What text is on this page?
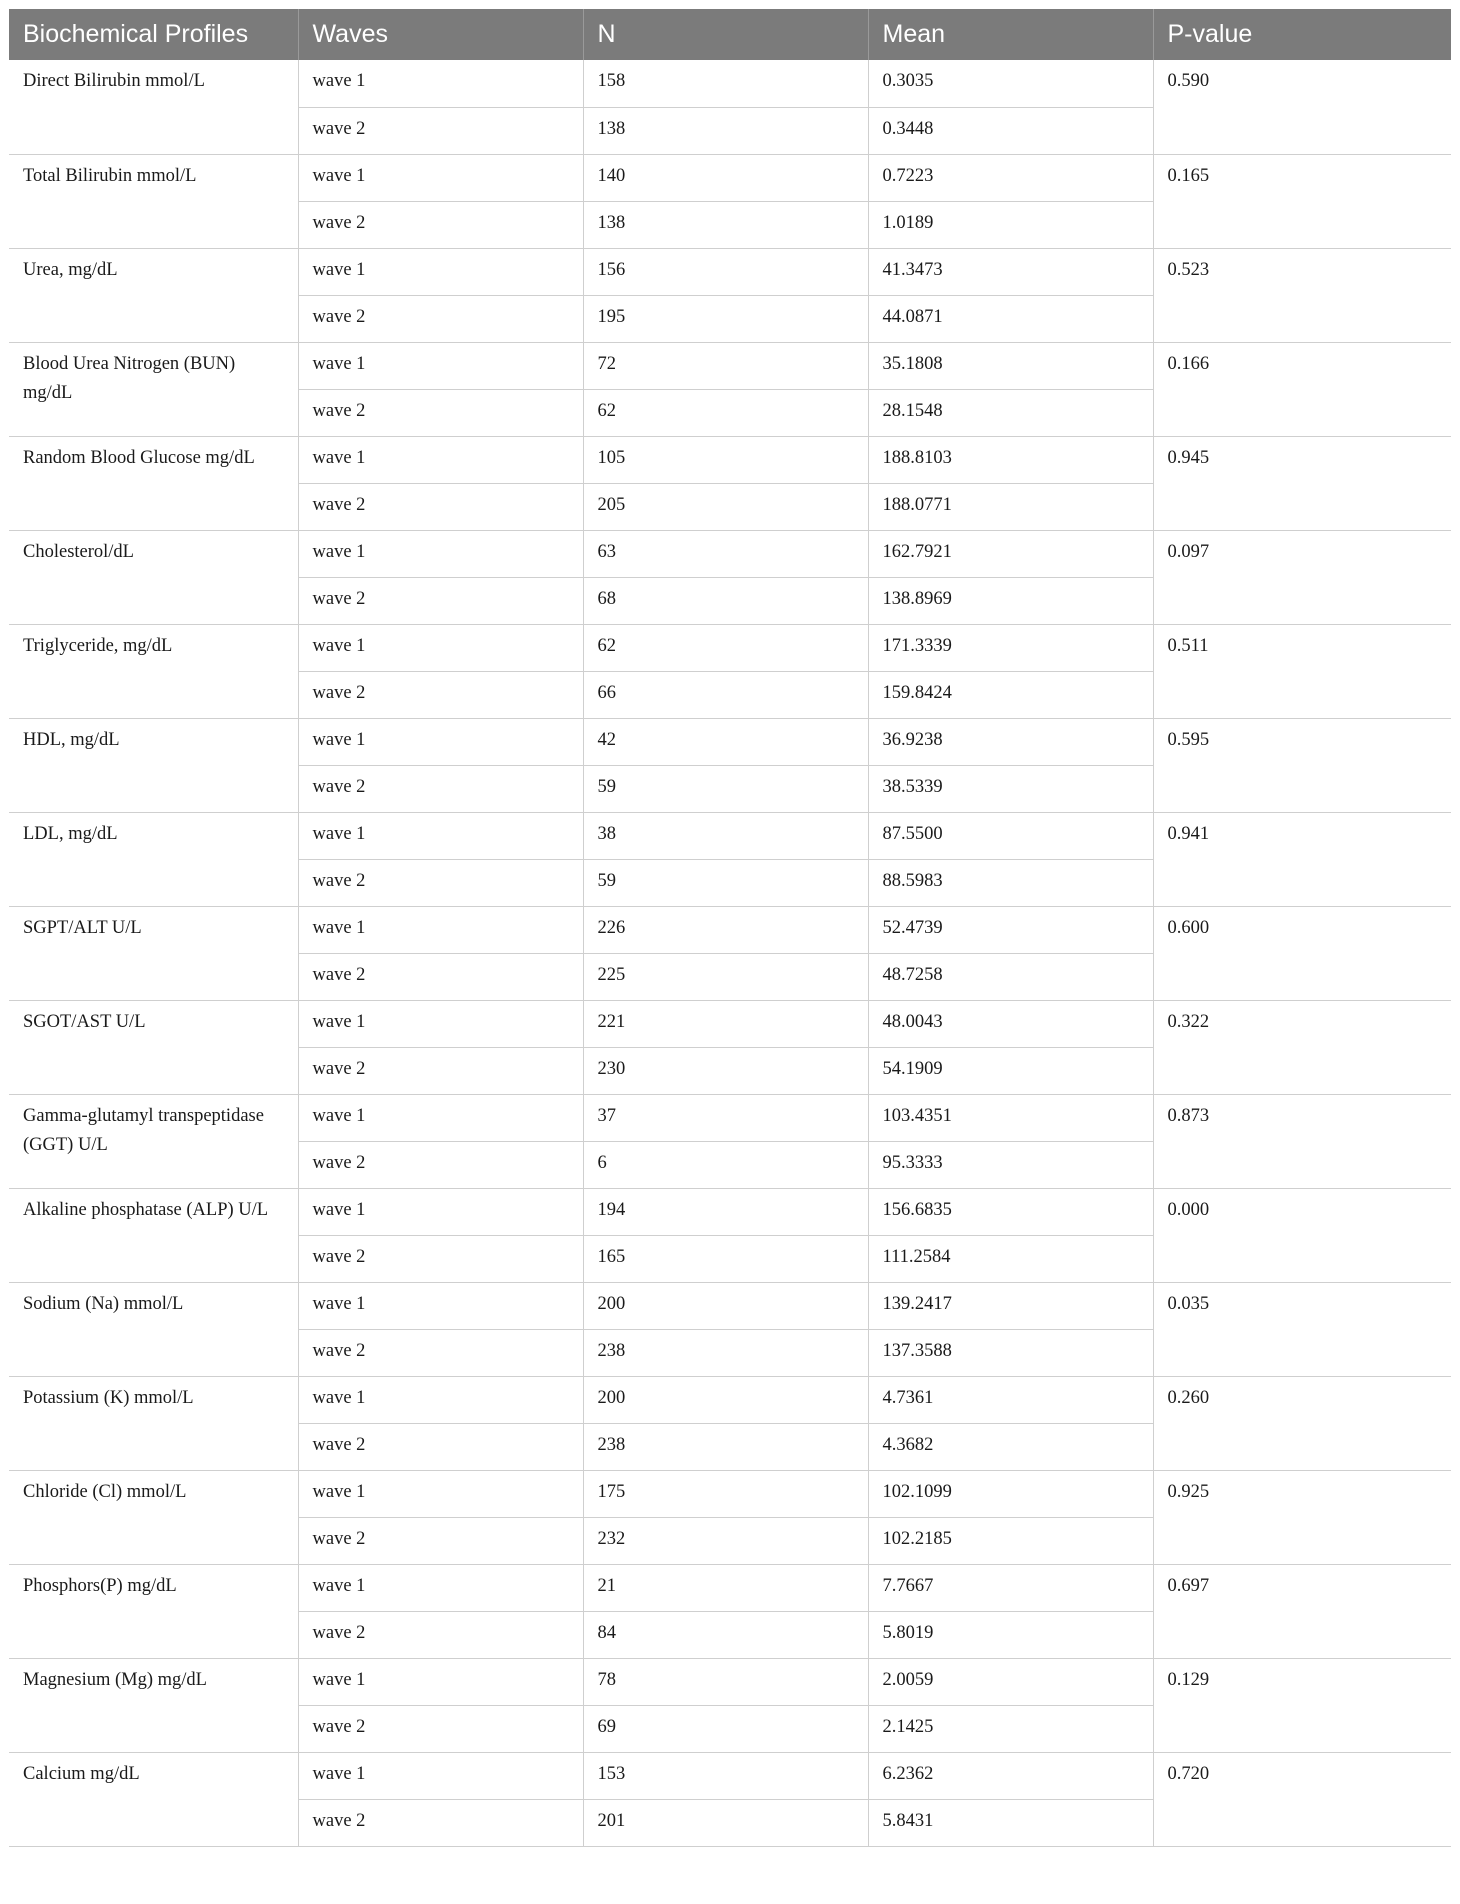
Biochemical Profiles	Waves	N	Mean	P-value
Direct Bilirubin mmol/L	wave 1	158	0.3035	0.590
	wave 2	138	0.3448	
Total Bilirubin mmol/L	wave 1	140	0.7223	0.165
	wave 2	138	1.0189	
Urea, mg/dL	wave 1	156	41.3473	0.523
	wave 2	195	44.0871	
Blood Urea Nitrogen (BUN) mg/dL	wave 1	72	35.1808	0.166
	wave 2	62	28.1548	
Random Blood Glucose mg/dL	wave 1	105	188.8103	0.945
	wave 2	205	188.0771	
Cholesterol/dL	wave 1	63	162.7921	0.097
	wave 2	68	138.8969	
Triglyceride, mg/dL	wave 1	62	171.3339	0.511
	wave 2	66	159.8424	
HDL, mg/dL	wave 1	42	36.9238	0.595
	wave 2	59	38.5339	
LDL, mg/dL	wave 1	38	87.5500	0.941
	wave 2	59	88.5983	
SGPT/ALT U/L	wave 1	226	52.4739	0.600
	wave 2	225	48.7258	
SGOT/AST U/L	wave 1	221	48.0043	0.322
	wave 2	230	54.1909	
Gamma-glutamyl transpeptidase (GGT) U/L	wave 1	37	103.4351	0.873
	wave 2	6	95.3333	
Alkaline phosphatase (ALP) U/L	wave 1	194	156.6835	0.000
	wave 2	165	111.2584	
Sodium (Na) mmol/L	wave 1	200	139.2417	0.035
	wave 2	238	137.3588	
Potassium (K) mmol/L	wave 1	200	4.7361	0.260
	wave 2	238	4.3682	
Chloride (Cl) mmol/L	wave 1	175	102.1099	0.925
	wave 2	232	102.2185	
Phosphors(P) mg/dL	wave 1	21	7.7667	0.697
	wave 2	84	5.8019	
Magnesium (Mg) mg/dL	wave 1	78	2.0059	0.129
	wave 2	69	2.1425	
Calcium mg/dL	wave 1	153	6.2362	0.720
	wave 2	201	5.8431	
